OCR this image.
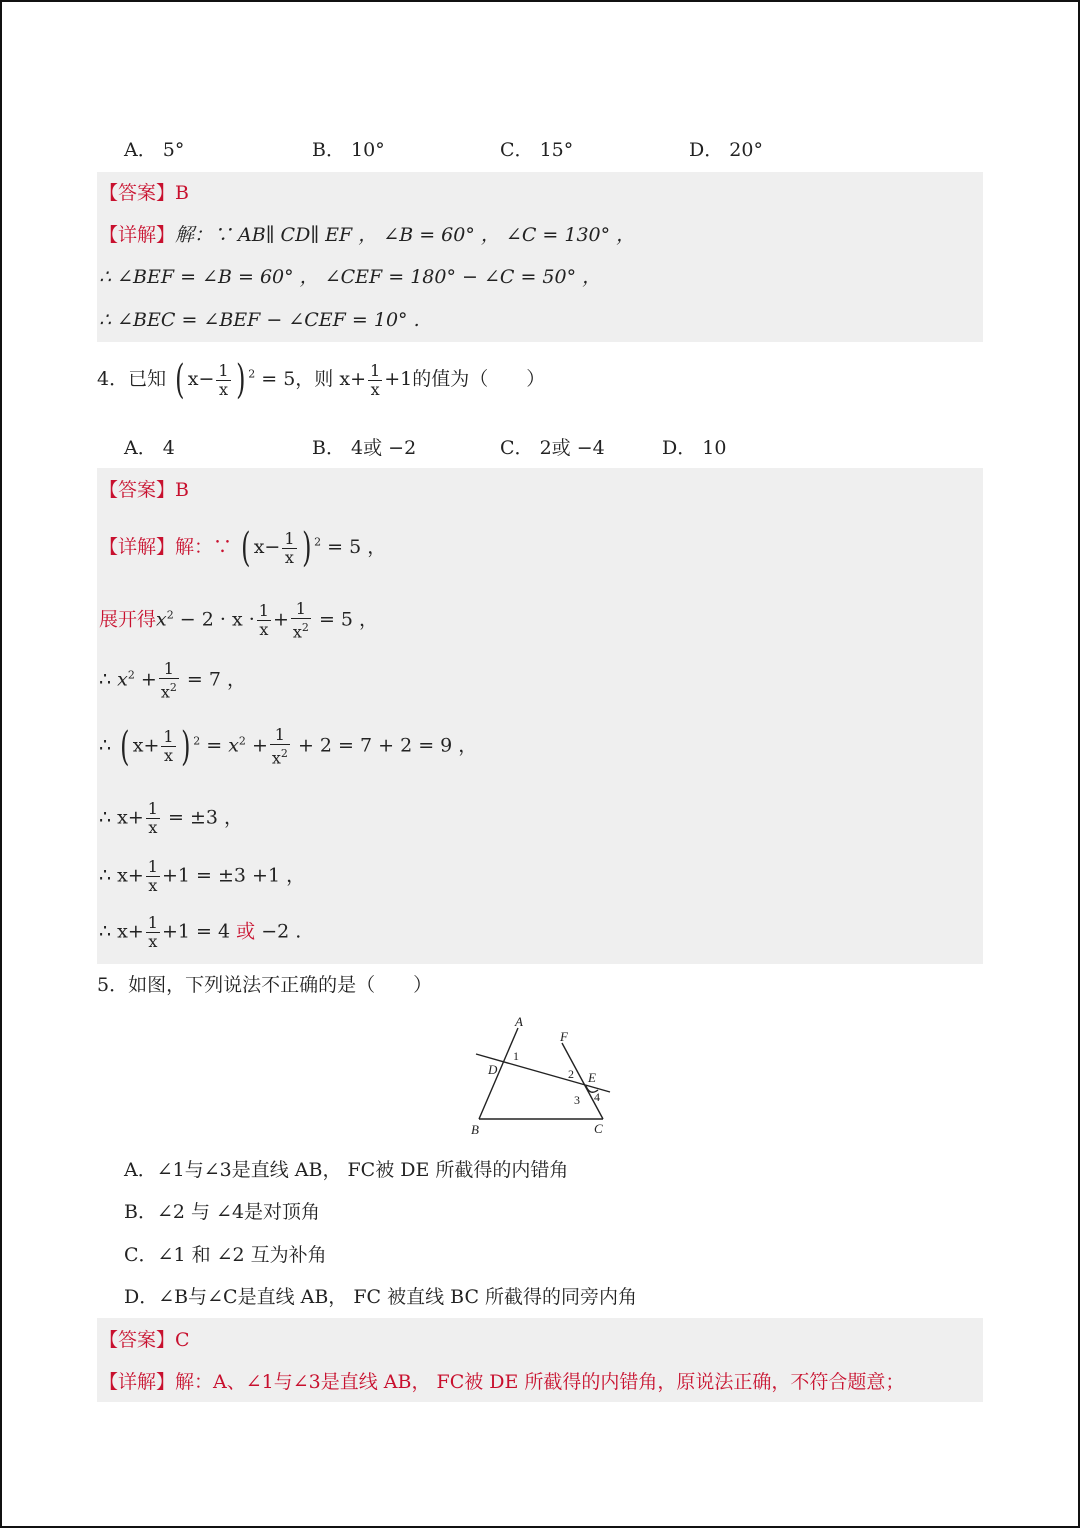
A． 5°	B． 10°	C． 15°	D． 20°
【答案】B
【详解】解：∵ AB∥ CD∥ EF ， ∠B = 60° ， ∠C = 130° ，
∴ ∠BEF = ∠B = 60° ， ∠CEF = 180° − ∠C = 50° ，
∴ ∠BEC = ∠BEF − ∠CEF = 10° .
4．已知 ( $x- \frac{1}{x}$ ) $^2$ = 5，则 $x+ \frac{1}{x} +1$的值为（　　）
A． 4	B． 4或 −2	C． 2或 −4	D． 10
【答案】B
【详解】解：∵ ( $x- \frac{1}{x}$ ) $^2$ = 5 ，
展开得$x^2 - 2 \cdot x \cdot \frac{1}{x} + \frac{1}{x^2} = 5$ ，
∴ $x^2 + \frac{1}{x^2} = 7$ ，
∴ ( $x+ \frac{1}{x}$ ) $^2 = x^2 + \frac{1}{x^2} + 2 = 7 + 2 = 9$ ，
∴ $x+ \frac{1}{x} = \pm 3$ ，
∴ $x+ \frac{1}{x} +1 = \pm 3 +1$ ，
∴ $x+ \frac{1}{x} +1 = 4$ 或 −2 .
5．如图，下列说法不正确的是（　　）
A
F
D
E
B	C
1
2
3 4
A．∠1与∠3是直线 AB， FC被 DE 所截得的内错角
B．∠2 与 ∠4是对顶角
C．∠1 和 ∠2 互为补角
D．∠B与∠C是直线 AB， FC 被直线 BC 所截得的同旁内角
【答案】C
【详解】解：A、∠1与∠3是直线 AB， FC被 DE 所截得的内错角，原说法正确，不符合题意；
